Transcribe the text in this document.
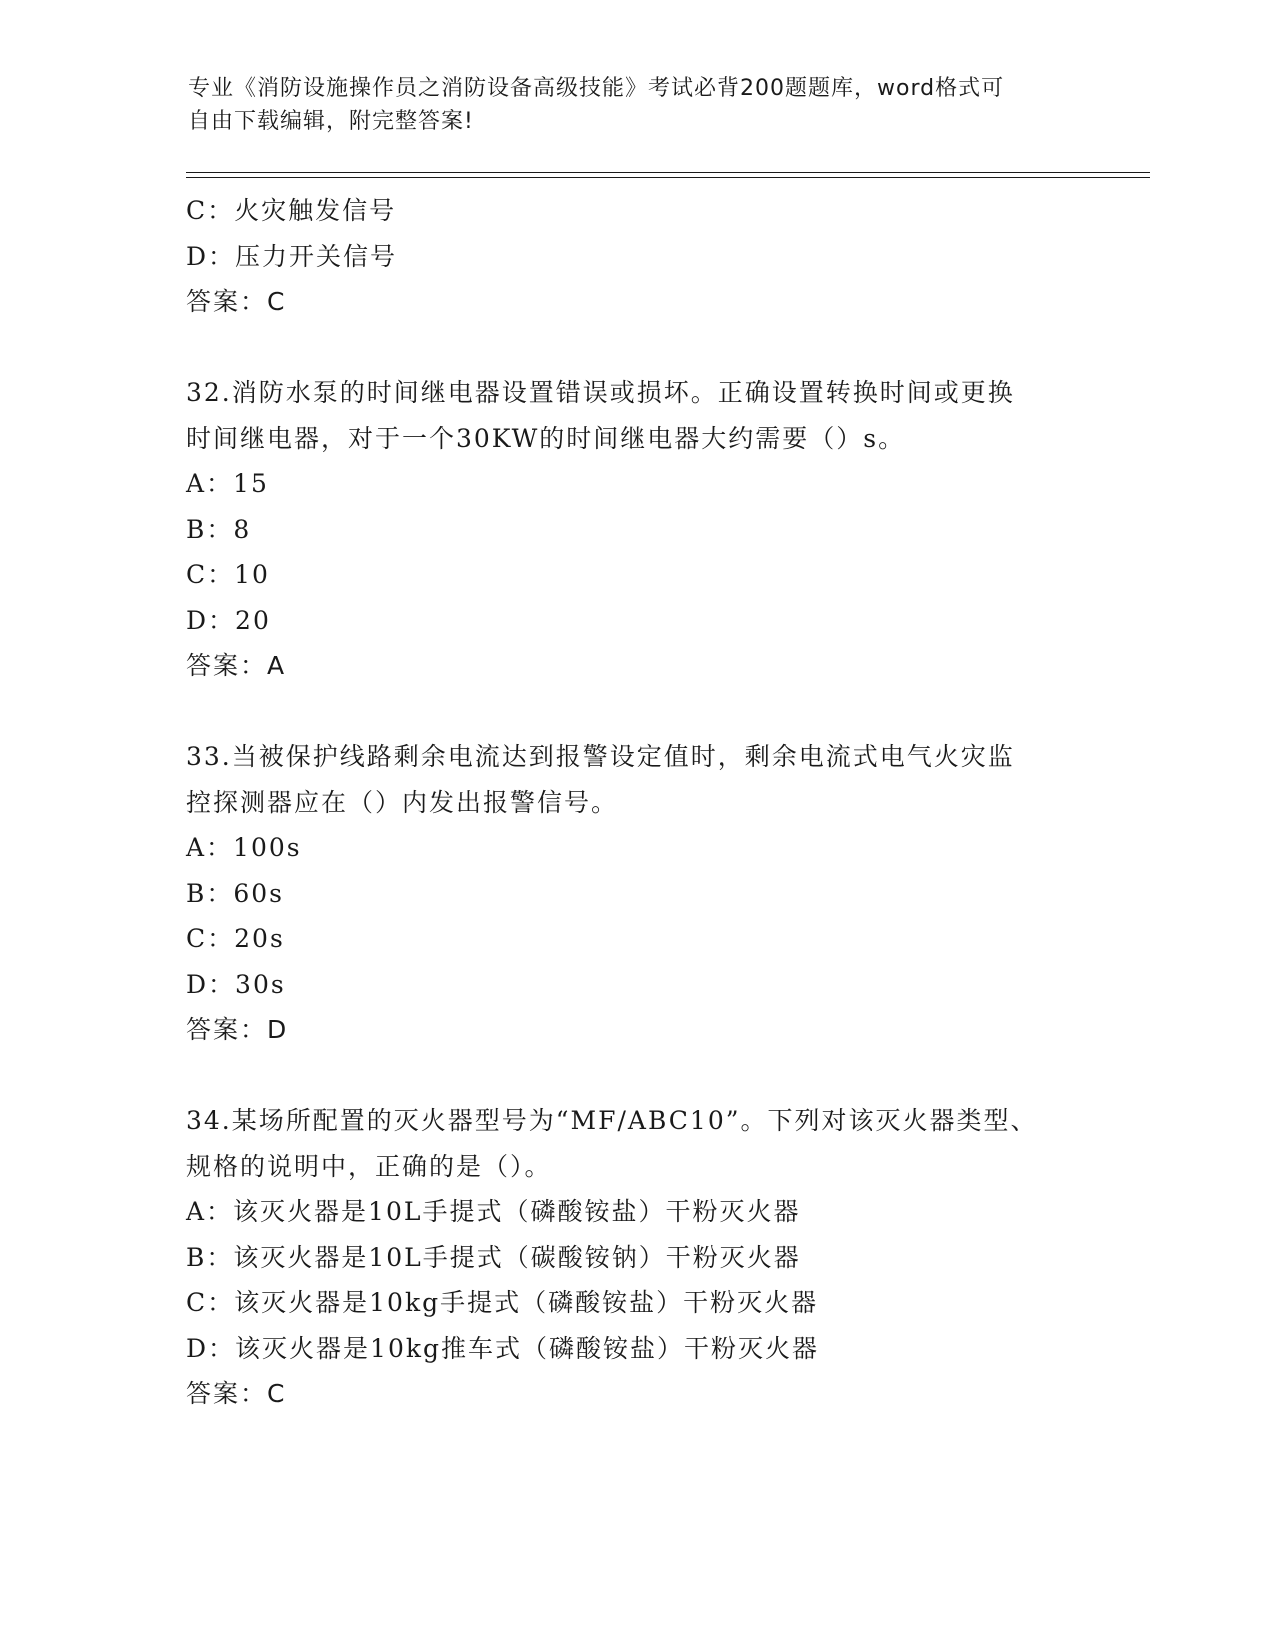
专业《消防设施操作员之消防设备高级技能》考试必背200题题库，word格式可
自由下载编辑，附完整答案!
C：火灾触发信号
D：压力开关信号
答案：C
32.消防水泵的时间继电器设置错误或损坏。正确设置转换时间或更换
时间继电器，对于一个30KW的时间继电器大约需要（）s。
A：15
B：8
C：10
D：20
答案：A
33.当被保护线路剩余电流达到报警设定值时，剩余电流式电气火灾监
控探测器应在（）内发出报警信号。
A：100s
B：60s
C：20s
D：30s
答案：D
34.某场所配置的灭火器型号为“MF/ABC10”。下列对该灭火器类型、
规格的说明中，正确的是（）。
A：该灭火器是10L手提式（磷酸铵盐）干粉灭火器
B：该灭火器是10L手提式（碳酸铵钠）干粉灭火器
C：该灭火器是10kg手提式（磷酸铵盐）干粉灭火器
D：该灭火器是10kg推车式（磷酸铵盐）干粉灭火器
答案：C
